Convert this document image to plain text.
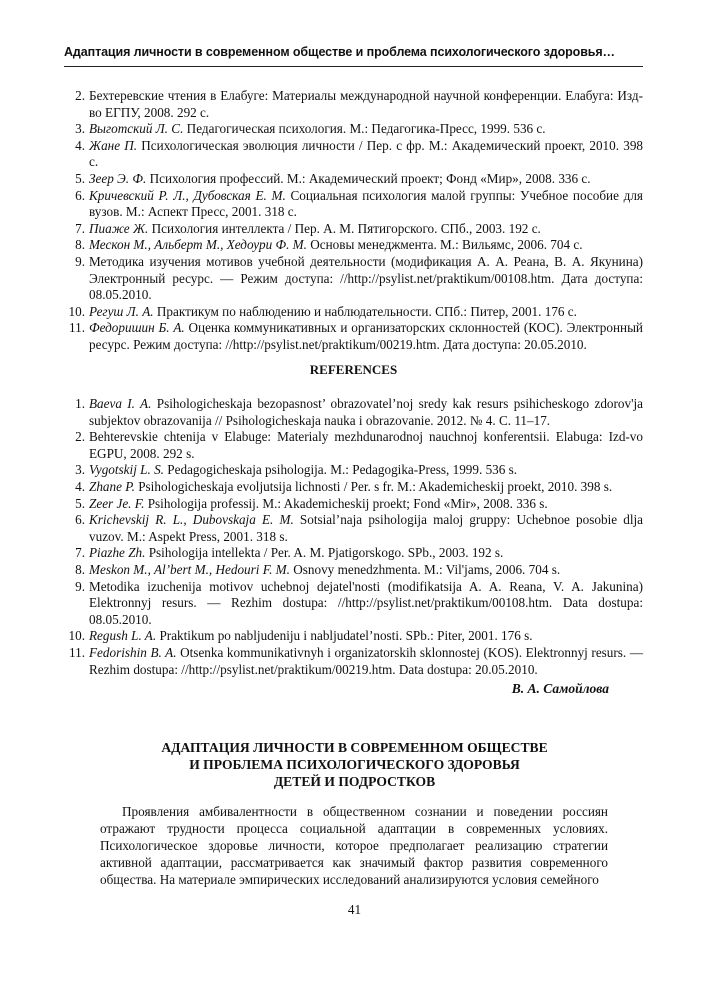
Адаптация личности в современном обществе и проблема психологического здоровья…
2. Бехтеревские чтения в Елабуге: Материалы международной научной конференции. Елабуга: Изд-во ЕГПУ, 2008. 292 с.
3. Выготский Л. С. Педагогическая психология. М.: Педагогика-Пресс, 1999. 536 с.
4. Жане П. Психологическая эволюция личности / Пер. с фр. М.: Академический проект, 2010. 398 с.
5. Зеер Э. Ф. Психология профессий. М.: Академический проект; Фонд «Мир», 2008. 336 с.
6. Кричевский Р. Л., Дубовская Е. М. Социальная психология малой группы: Учебное пособие для вузов. М.: Аспект Пресс, 2001. 318 с.
7. Пиаже Ж. Психология интеллекта / Пер. А. М. Пятигорского. СПб., 2003. 192 с.
8. Мескон М., Альберт М., Хедоури Ф. М. Основы менеджмента. М.: Вильямс, 2006. 704 с.
9. Методика изучения мотивов учебной деятельности (модификация А. А. Реана, В. А. Якунина) Электронный ресурс. — Режим доступа: //http://psylist.net/praktikum/00108.htm. Дата доступа: 08.05.2010.
10. Регуш Л. А. Практикум по наблюдению и наблюдательности. СПб.: Питер, 2001. 176 с.
11. Федоришин Б. А. Оценка коммуникативных и организаторских склонностей (КОС). Электронный ресурс. Режим доступа: //http://psylist.net/praktikum/00219.htm. Дата доступа: 20.05.2010.
REFERENCES
1. Baeva I. A. Psihologicheskaja bezopasnost’ obrazovatel’noj sredy kak resurs psihicheskogo zdorov'ja subjektov obrazovanija // Psihologicheskaja nauka i obrazovanie. 2012. № 4. С. 11–17.
2. Behterevskie chtenija v Elabuge: Materialy mezhdunarodnoj nauchnoj konferentsii. Elabuga: Izd-vo EGPU, 2008. 292 s.
3. Vygotskij L. S. Pedagogicheskaja psihologija. M.: Pedagogika-Press, 1999. 536 s.
4. Zhane P. Psihologicheskaja evoljutsija lichnosti / Per. s fr. M.: Akademicheskij proekt, 2010. 398 s.
5. Zeer Je. F. Psihologija professij. M.: Akademicheskij proekt; Fond «Mir», 2008. 336 s.
6. Krichevskij R. L., Dubovskaja E. M. Sotsial’naja psihologija maloj gruppy: Uchebnoe posobie dlja vuzov. M.: Aspekt Press, 2001. 318 s.
7. Piazhe Zh. Psihologija intellekta / Per. A. M. Pjatigorskogo. SPb., 2003. 192 s.
8. Meskon M., Al’bert M., Hedouri F. M. Osnovy menedzhmenta. M.: Vil'jams, 2006. 704 s.
9. Metodika izuchenija motivov uchebnoj dejatel'nosti (modifikatsija A. A. Reana, V. A. Jakunina) Elektronnyj resurs. — Rezhim dostupa: //http://psylist.net/praktikum/00108.htm. Data dostupa: 08.05.2010.
10. Regush L. A. Praktikum po nabljudeniju i nabljudatel’nosti. SPb.: Piter, 2001. 176 s.
11. Fedorishin B. A. Otsenka kommunikativnyh i organizatorskih sklonnostej (KOS). Elektronnyj resurs. — Rezhim dostupa: //http://psylist.net/praktikum/00219.htm. Data dostupa: 20.05.2010.
В. А. Самойлова
АДАПТАЦИЯ ЛИЧНОСТИ В СОВРЕМЕННОМ ОБЩЕСТВЕ
И ПРОБЛЕМА ПСИХОЛОГИЧЕСКОГО ЗДОРОВЬЯ
ДЕТЕЙ И ПОДРОСТКОВ

Проявления амбивалентности в общественном сознании и поведении россиян отражают трудности процесса социальной адаптации в современных условиях. Психологическое здоровье личности, которое предполагает реализацию стратегии активной адаптации, рассматривается как значимый фактор развития современного общества. На материале эмпирических исследований анализируются условия семейного

41
